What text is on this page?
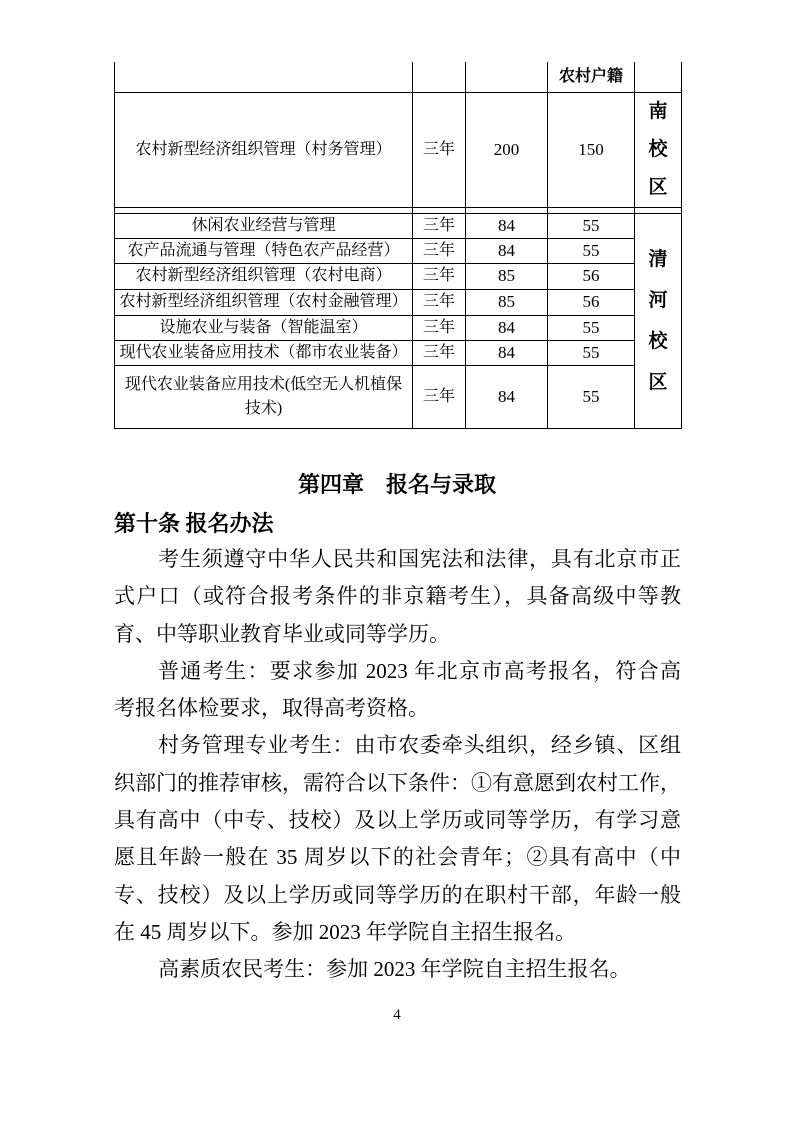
			农村户籍	
农村新型经济组织管理（村务管理）	三年	200	150	南校区

休闲农业经营与管理	三年	84	55	清河校区

农产品流通与管理（特色农产品经营）	三年	84	55	
农村新型经济组织管理（农村电商）	三年	85	56	
农村新型经济组织管理（农村金融管理）	三年	85	56	
设施农业与装备（智能温室）	三年	84	55	
现代农业装备应用技术（都市农业装备）	三年	84	55	
现代农业装备应用技术(低空无人机植保技术)	三年	84	55	
第四章　报名与录取
第十条 报名办法
考生须遵守中华人民共和国宪法和法律，具有北京市正
式户口（或符合报考条件的非京籍考生），具备高级中等教
育、中等职业教育毕业或同等学历。
普通考生：要求参加 2023 年北京市高考报名，符合高
考报名体检要求，取得高考资格。
村务管理专业考生：由市农委牵头组织，经乡镇、区组
织部门的推荐审核，需符合以下条件：①有意愿到农村工作，
具有高中（中专、技校）及以上学历或同等学历，有学习意
愿且年龄一般在 35 周岁以下的社会青年；②具有高中（中
专、技校）及以上学历或同等学历的在职村干部，年龄一般
在 45 周岁以下。参加 2023 年学院自主招生报名。
高素质农民考生：参加 2023 年学院自主招生报名。
4
